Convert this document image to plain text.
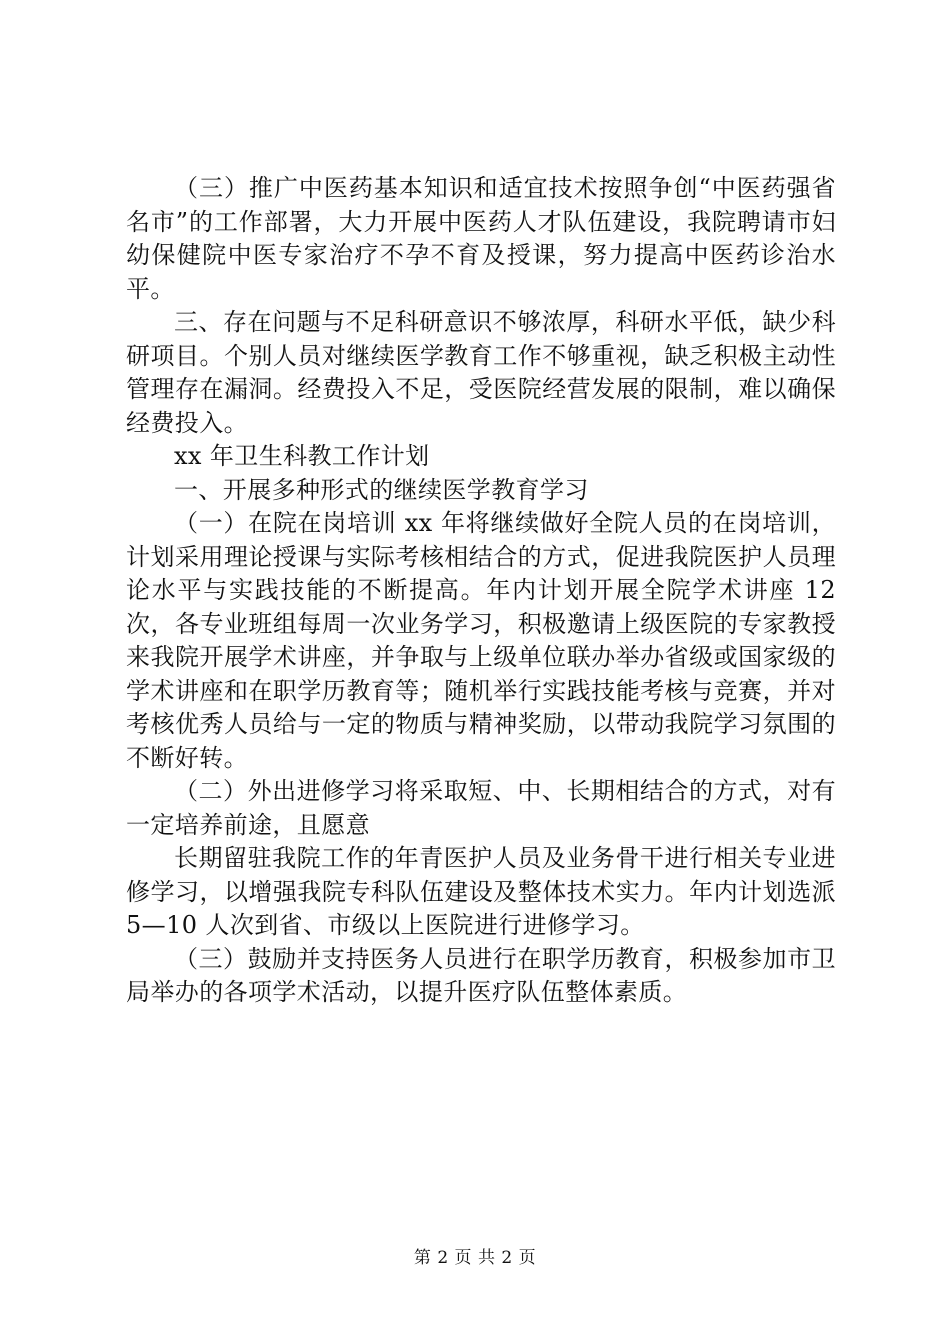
（三）推广中医药基本知识和适宜技术按照争创“中医药强省名市”的工作部署，大力开展中医药人才队伍建设，我院聘请市妇幼保健院中医专家治疗不孕不育及授课，努力提高中医药诊治水平。

三、存在问题与不足科研意识不够浓厚，科研水平低，缺少科研项目。个别人员对继续医学教育工作不够重视，缺乏积极主动性管理存在漏洞。经费投入不足，受医院经营发展的限制，难以确保经费投入。

xx 年卫生科教工作计划

一、开展多种形式的继续医学教育学习

（一）在院在岗培训 xx 年将继续做好全院人员的在岗培训，计划采用理论授课与实际考核相结合的方式，促进我院医护人员理论水平与实践技能的不断提高。年内计划开展全院学术讲座 12 次，各专业班组每周一次业务学习，积极邀请上级医院的专家教授来我院开展学术讲座，并争取与上级单位联办举办省级或国家级的学术讲座和在职学历教育等；随机举行实践技能考核与竞赛，并对考核优秀人员给与一定的物质与精神奖励，以带动我院学习氛围的不断好转。

（二）外出进修学习将采取短、中、长期相结合的方式，对有一定培养前途，且愿意

长期留驻我院工作的年青医护人员及业务骨干进行相关专业进修学习，以增强我院专科队伍建设及整体技术实力。年内计划选派 5—10 人次到省、市级以上医院进行进修学习。

（三）鼓励并支持医务人员进行在职学历教育，积极参加市卫局举办的各项学术活动，以提升医疗队伍整体素质。

第 2 页 共 2 页
